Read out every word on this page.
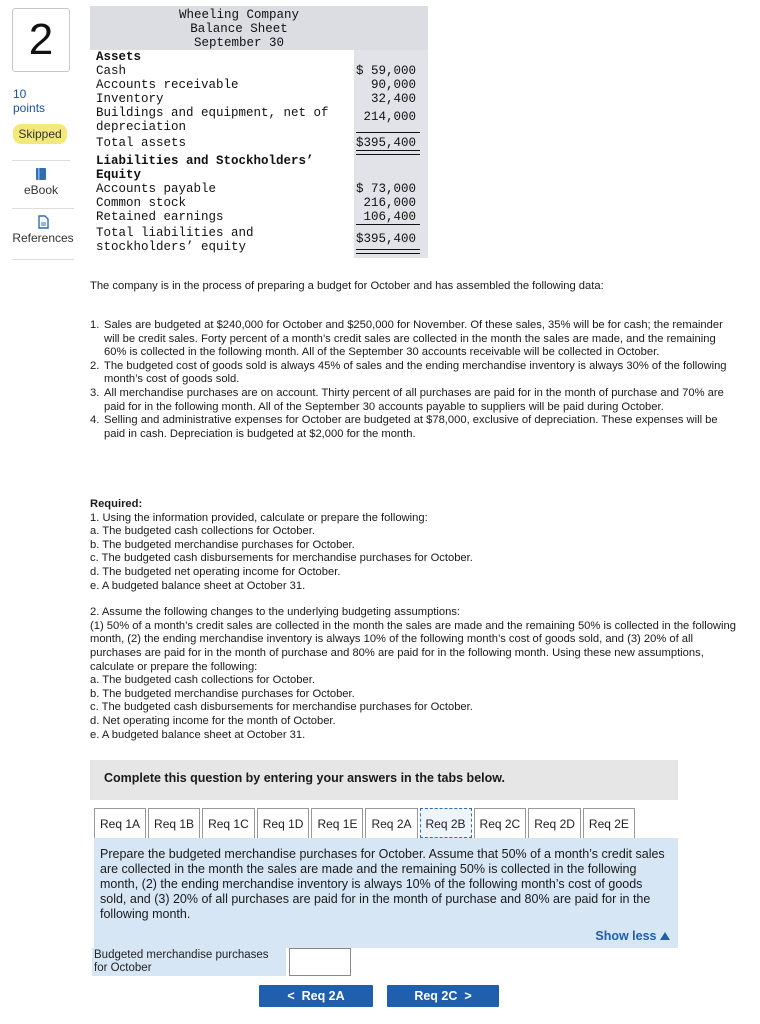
2
10
points
Skipped
eBook
References
Wheeling Company
Balance Sheet
September 30
Assets
Cash	$ 59,000
Accounts receivable	90,000
Inventory	32,400
Buildings and equipment, net of	214,000
depreciation
Total assets	$395,400
Liabilities and Stockholders’
Equity
Accounts payable	$ 73,000
Common stock	216,000
Retained earnings	106,400
Total liabilities and	$395,400
stockholders’ equity
The company is in the process of preparing a budget for October and has assembled the following data:
1. Sales are budgeted at $240,000 for October and $250,000 for November. Of these sales, 35% will be for cash; the remainder will be credit sales. Forty percent of a month’s credit sales are collected in the month the sales are made, and the remaining 60% is collected in the following month. All of the September 30 accounts receivable will be collected in October.
2. The budgeted cost of goods sold is always 45% of sales and the ending merchandise inventory is always 30% of the following month’s cost of goods sold.
3. All merchandise purchases are on account. Thirty percent of all purchases are paid for in the month of purchase and 70% are paid for in the following month. All of the September 30 accounts payable to suppliers will be paid during October.
4. Selling and administrative expenses for October are budgeted at $78,000, exclusive of depreciation. These expenses will be paid in cash. Depreciation is budgeted at $2,000 for the month.
Required:
1. Using the information provided, calculate or prepare the following:
a. The budgeted cash collections for October.
b. The budgeted merchandise purchases for October.
c. The budgeted cash disbursements for merchandise purchases for October.
d. The budgeted net operating income for October.
e. A budgeted balance sheet at October 31.
2. Assume the following changes to the underlying budgeting assumptions:
(1) 50% of a month’s credit sales are collected in the month the sales are made and the remaining 50% is collected in the following month, (2) the ending merchandise inventory is always 10% of the following month’s cost of goods sold, and (3) 20% of all purchases are paid for in the month of purchase and 80% are paid for in the following month. Using these new assumptions, calculate or prepare the following:
a. The budgeted cash collections for October.
b. The budgeted merchandise purchases for October.
c. The budgeted cash disbursements for merchandise purchases for October.
d. Net operating income for the month of October.
e. A budgeted balance sheet at October 31.
Complete this question by entering your answers in the tabs below.
Req 1A	Req 1B	Req 1C	Req 1D	Req 1E	Req 2A	Req 2B	Req 2C	Req 2D	Req 2E
Prepare the budgeted merchandise purchases for October. Assume that 50% of a month’s credit sales are collected in the month the sales are made and the remaining 50% is collected in the following month, (2) the ending merchandise inventory is always 10% of the following month’s cost of goods sold, and (3) 20% of all purchases are paid for in the month of purchase and 80% are paid for in the following month.
Show less
Budgeted merchandise purchases for October
< Req 2A	Req 2C >
